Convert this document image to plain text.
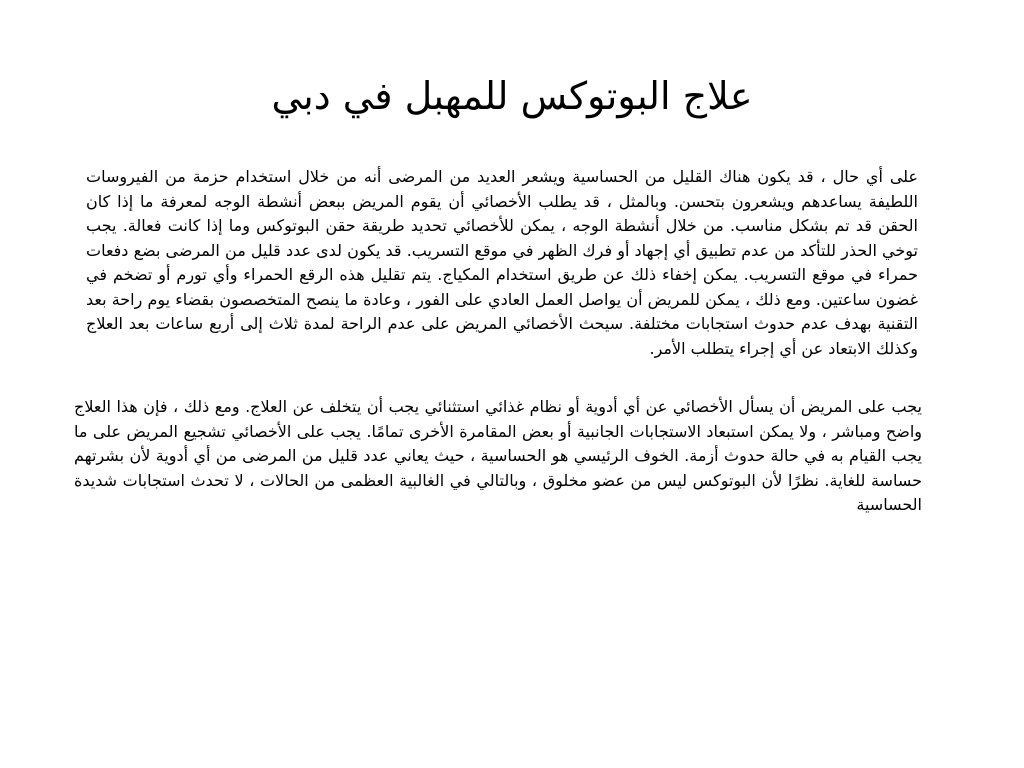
علاج البوتوكس للمهبل في دبي

على أي حال ، قد يكون هناك القليل من الحساسية ويشعر العديد من المرضى أنه من خلال استخدام حزمة من الفيروسات اللطيفة يساعدهم ويشعرون بتحسن. وبالمثل ، قد يطلب الأخصائي أن يقوم المريض ببعض أنشطة الوجه لمعرفة ما إذا كان الحقن قد تم بشكل مناسب. من خلال أنشطة الوجه ، يمكن للأخصائي تحديد طريقة حقن البوتوكس وما إذا كانت فعالة. يجب توخي الحذر للتأكد من عدم تطبيق أي إجهاد أو فرك الظهر في موقع التسريب. قد يكون لدى عدد قليل من المرضى بضع دفعات حمراء في موقع التسريب. يمكن إخفاء ذلك عن طريق استخدام المكياج. يتم تقليل هذه الرقع الحمراء وأي تورم أو تضخم في غضون ساعتين. ومع ذلك ، يمكن للمريض أن يواصل العمل العادي على الفور ، وعادة ما ينصح المتخصصون بقضاء يوم راحة بعد التقنية بهدف عدم حدوث استجابات مختلفة. سيحث الأخصائي المريض على عدم الراحة لمدة ثلاث إلى أربع ساعات بعد العلاج وكذلك الابتعاد عن أي إجراء يتطلب الأمر.

يجب على المريض أن يسأل الأخصائي عن أي أدوية أو نظام غذائي استثنائي يجب أن يتخلف عن العلاج. ومع ذلك ، فإن هذا العلاج واضح ومباشر ، ولا يمكن استبعاد الاستجابات الجانبية أو بعض المقامرة الأخرى تمامًا. يجب على الأخصائي تشجيع المريض على ما يجب القيام به في حالة حدوث أزمة. الخوف الرئيسي هو الحساسية ، حيث يعاني عدد قليل من المرضى من أي أدوية لأن بشرتهم حساسة للغاية. نظرًا لأن البوتوكس ليس من عضو مخلوق ، وبالتالي في الغالبية العظمى من الحالات ، لا تحدث استجابات شديدة الحساسية
